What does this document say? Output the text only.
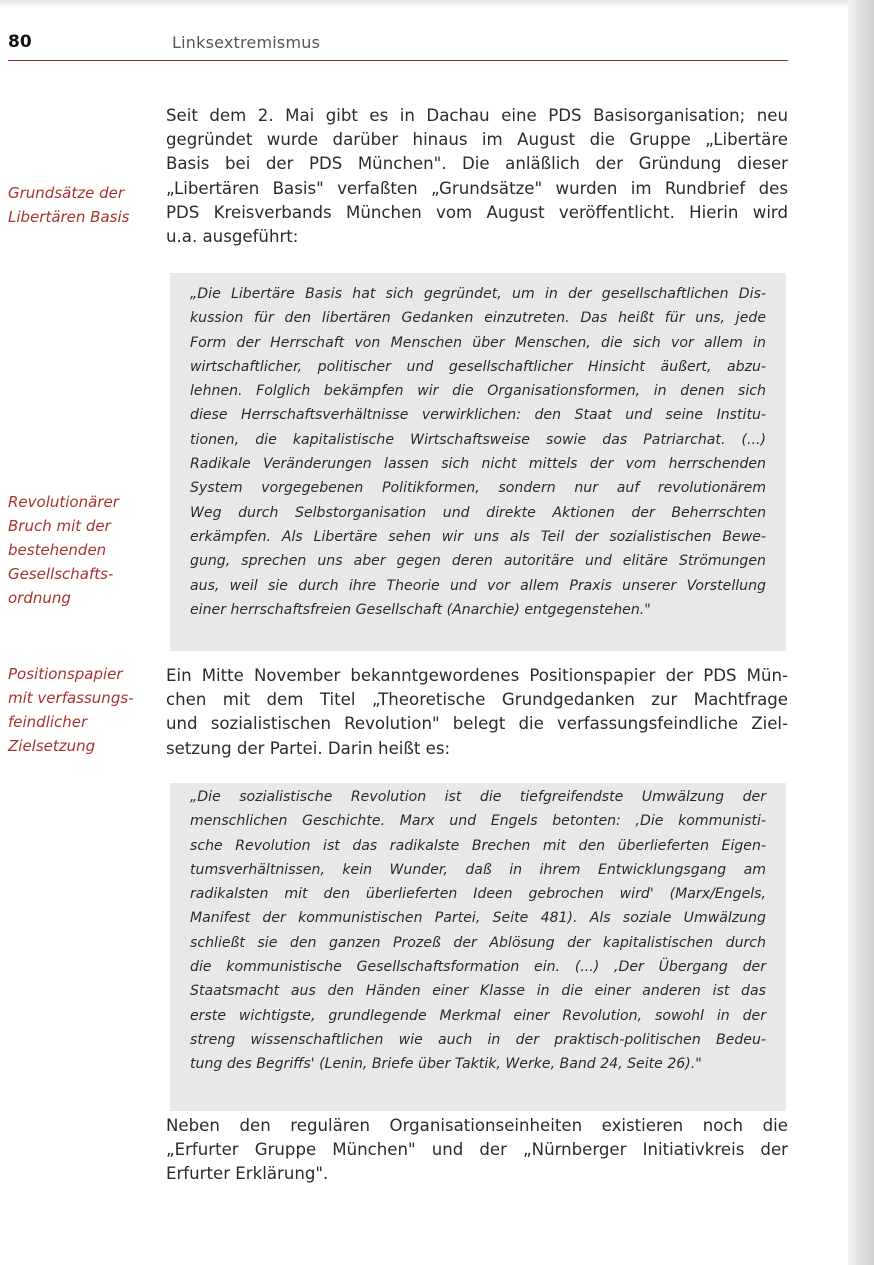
80	Linksextremismus
Grundsätze der
Libertären Basis
Revolutionärer
Bruch mit der
bestehenden
Gesellschafts-
ordnung
Positionspapier
mit verfassungs-
feindlicher
Zielsetzung
Seit dem 2. Mai gibt es in Dachau eine PDS Basisorganisation; neu
gegründet wurde darüber hinaus im August die Gruppe „Libertäre
Basis bei der PDS München". Die anläßlich der Gründung dieser
„Libertären Basis" verfaßten „Grundsätze" wurden im Rundbrief des
PDS Kreisverbands München vom August veröffentlicht. Hierin wird
u.a. ausgeführt:
„Die Libertäre Basis hat sich gegründet, um in der gesellschaftlichen Dis-
kussion für den libertären Gedanken einzutreten. Das heißt für uns, jede
Form der Herrschaft von Menschen über Menschen, die sich vor allem in
wirtschaftlicher, politischer und gesellschaftlicher Hinsicht äußert, abzu-
lehnen. Folglich bekämpfen wir die Organisationsformen, in denen sich
diese Herrschaftsverhältnisse verwirklichen: den Staat und seine Institu-
tionen, die kapitalistische Wirtschaftsweise sowie das Patriarchat. (...)
Radikale Veränderungen lassen sich nicht mittels der vom herrschenden
System vorgegebenen Politikformen, sondern nur auf revolutionärem
Weg durch Selbstorganisation und direkte Aktionen der Beherrschten
erkämpfen. Als Libertäre sehen wir uns als Teil der sozialistischen Bewe-
gung, sprechen uns aber gegen deren autoritäre und elitäre Strömungen
aus, weil sie durch ihre Theorie und vor allem Praxis unserer Vorstellung
einer herrschaftsfreien Gesellschaft (Anarchie) entgegenstehen."
Ein Mitte November bekanntgewordenes Positionspapier der PDS Mün-
chen mit dem Titel „Theoretische Grundgedanken zur Machtfrage
und sozialistischen Revolution" belegt die verfassungsfeindliche Ziel-
setzung der Partei. Darin heißt es:
„Die sozialistische Revolution ist die tiefgreifendste Umwälzung der
menschlichen Geschichte. Marx und Engels betonten: ‚Die kommunisti-
sche Revolution ist das radikalste Brechen mit den überlieferten Eigen-
tumsverhältnissen, kein Wunder, daß in ihrem Entwicklungsgang am
radikalsten mit den überlieferten Ideen gebrochen wird' (Marx/Engels,
Manifest der kommunistischen Partei, Seite 481). Als soziale Umwälzung
schließt sie den ganzen Prozeß der Ablösung der kapitalistischen durch
die kommunistische Gesellschaftsformation ein. (...) ‚Der Übergang der
Staatsmacht aus den Händen einer Klasse in die einer anderen ist das
erste wichtigste, grundlegende Merkmal einer Revolution, sowohl in der
streng wissenschaftlichen wie auch in der praktisch-politischen Bedeu-
tung des Begriffs' (Lenin, Briefe über Taktik, Werke, Band 24, Seite 26)."
Neben den regulären Organisationseinheiten existieren noch die
„Erfurter Gruppe München" und der „Nürnberger Initiativkreis der
Erfurter Erklärung".
